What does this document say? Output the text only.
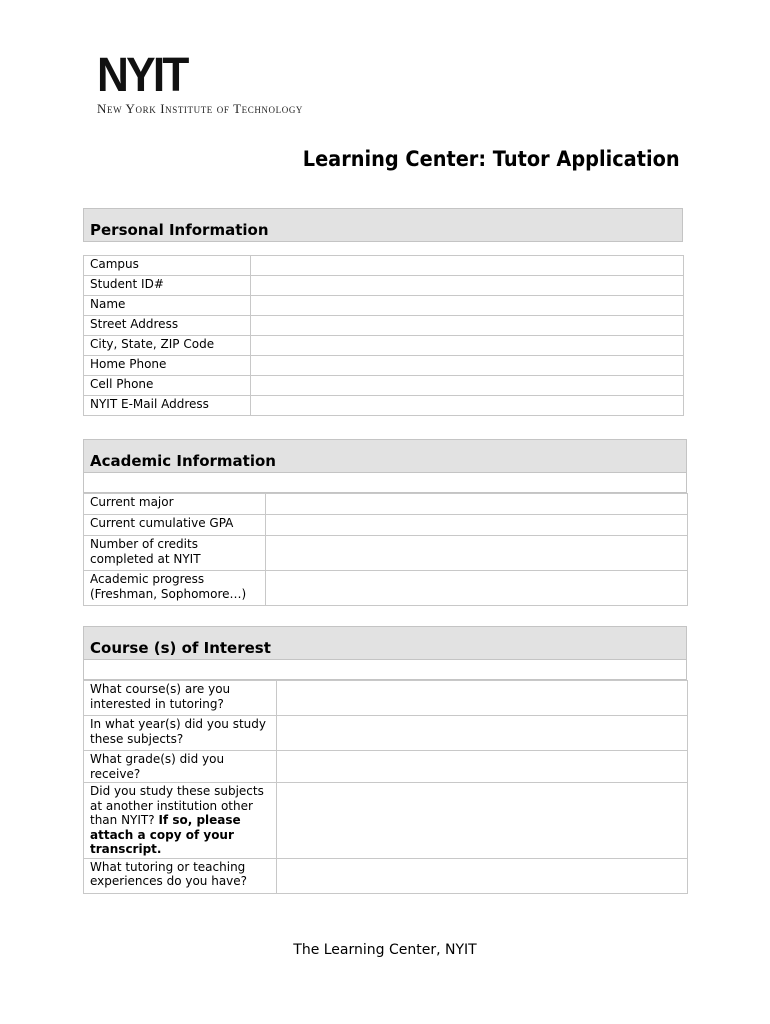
NYIT
New York Institute of Technology
Learning Center: Tutor Application
Personal Information
Campus	
Student ID#	
Name	
Street Address	
City, State, ZIP Code	
Home Phone	
Cell Phone	
NYIT E-Mail Address	
Academic Information
Current major	
Current cumulative GPA	
Number of credits completed at NYIT	
Academic progress (Freshman, Sophomore…)	
Course (s) of Interest
What course(s) are you interested in tutoring?	
In what year(s) did you study these subjects?	
What grade(s) did you receive?	
Did you study these subjects at another institution other than NYIT? If so, please attach a copy of your transcript.	
What tutoring or teaching experiences do you have?	
The Learning Center, NYIT
